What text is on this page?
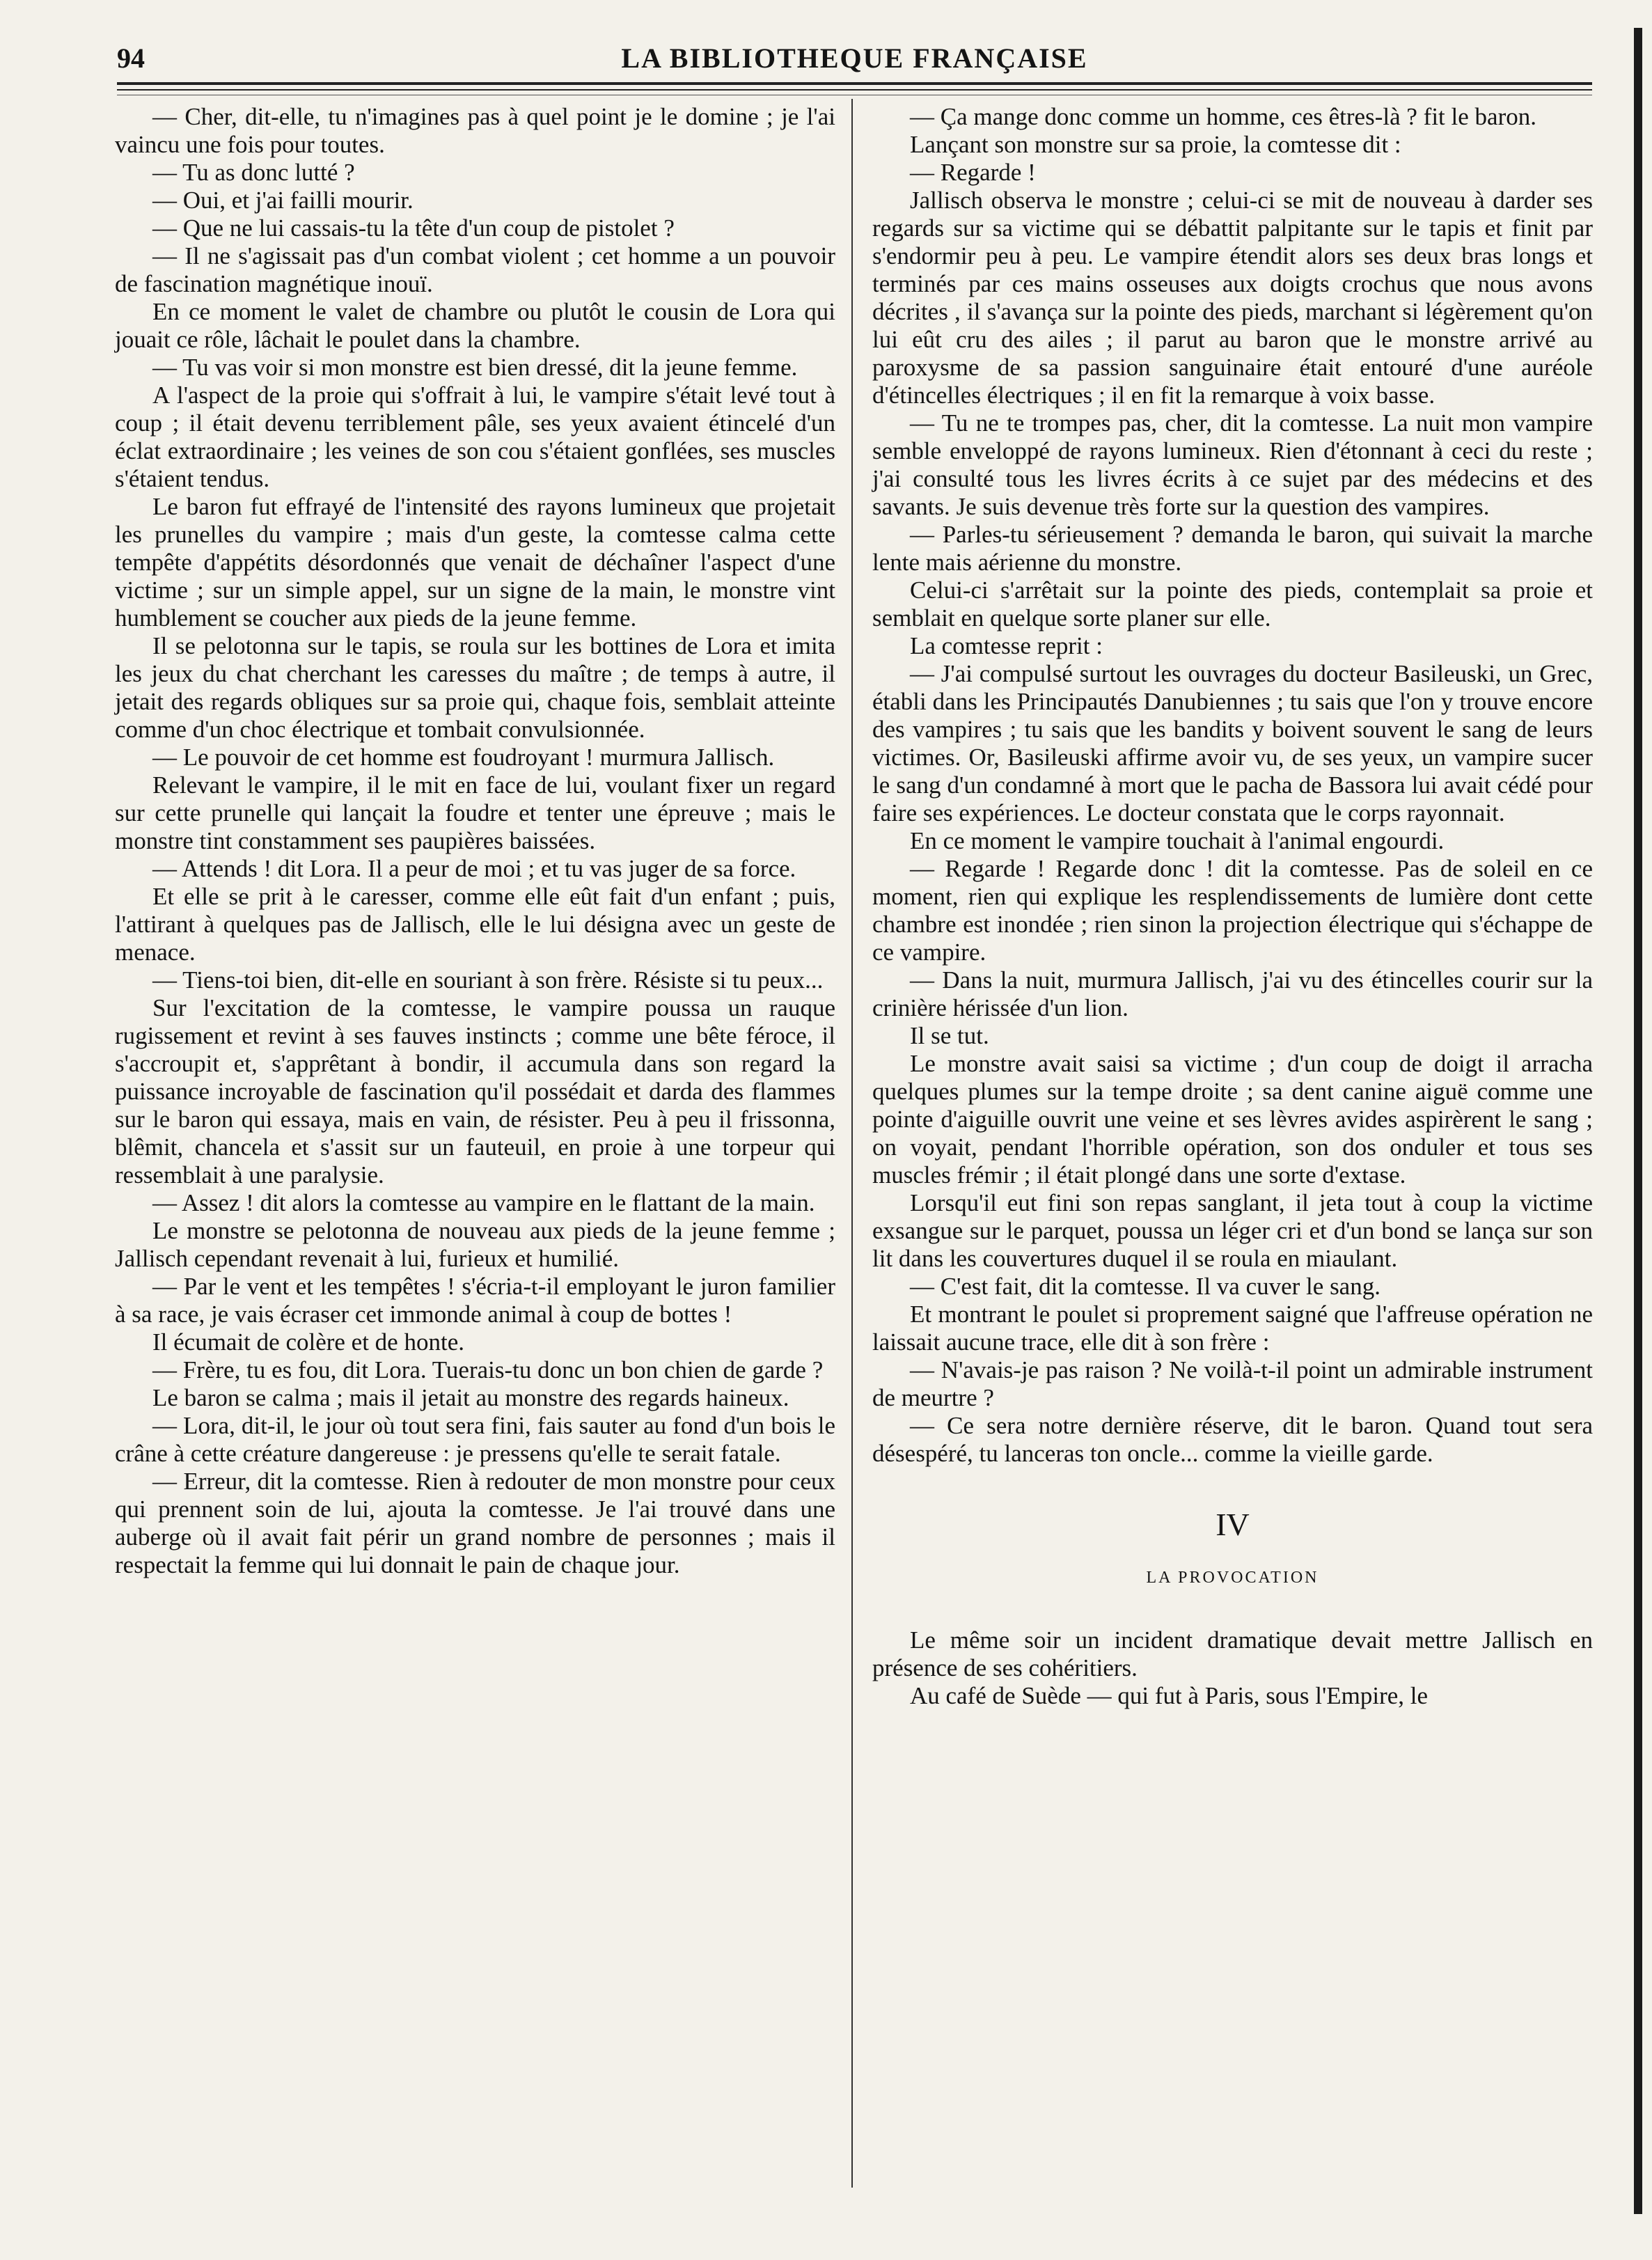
94	LA BIBLIOTHEQUE FRANÇAISE

— Cher, dit-elle, tu n'imagines pas à quel point je le domine ; je l'ai vaincu une fois pour toutes.

— Tu as donc lutté ?

— Oui, et j'ai failli mourir.

— Que ne lui cassais-tu la tête d'un coup de pistolet ?

— Il ne s'agissait pas d'un combat violent ; cet homme a un pouvoir de fascination magnétique inouï.

En ce moment le valet de chambre ou plutôt le cousin de Lora qui jouait ce rôle, lâchait le poulet dans la chambre.

— Tu vas voir si mon monstre est bien dressé, dit la jeune femme.

A l'aspect de la proie qui s'offrait à lui, le vampire s'était levé tout à coup ; il était devenu terriblement pâle, ses yeux avaient étincelé d'un éclat extraordinaire ; les veines de son cou s'étaient gonflées, ses muscles s'étaient tendus.

Le baron fut effrayé de l'intensité des rayons lumineux que projetait les prunelles du vampire ; mais d'un geste, la comtesse calma cette tempête d'appétits désordonnés que venait de déchaîner l'aspect d'une victime ; sur un simple appel, sur un signe de la main, le monstre vint humblement se coucher aux pieds de la jeune femme.

Il se pelotonna sur le tapis, se roula sur les bottines de Lora et imita les jeux du chat cherchant les caresses du maître ; de temps à autre, il jetait des regards obliques sur sa proie qui, chaque fois, semblait atteinte comme d'un choc électrique et tombait convulsionnée.

— Le pouvoir de cet homme est foudroyant ! murmura Jallisch.

Relevant le vampire, il le mit en face de lui, voulant fixer un regard sur cette prunelle qui lançait la foudre et tenter une épreuve ; mais le monstre tint constamment ses paupières baissées.

— Attends ! dit Lora. Il a peur de moi ; et tu vas juger de sa force.

Et elle se prit à le caresser, comme elle eût fait d'un enfant ; puis, l'attirant à quelques pas de Jallisch, elle le lui désigna avec un geste de menace.

— Tiens-toi bien, dit-elle en souriant à son frère. Résiste si tu peux...

Sur l'excitation de la comtesse, le vampire poussa un rauque rugissement et revint à ses fauves instincts ; comme une bête féroce, il s'accroupit et, s'apprêtant à bondir, il accumula dans son regard la puissance incroyable de fascination qu'il possédait et darda des flammes sur le baron qui essaya, mais en vain, de résister. Peu à peu il frissonna, blêmit, chancela et s'assit sur un fauteuil, en proie à une torpeur qui ressemblait à une paralysie.

— Assez ! dit alors la comtesse au vampire en le flattant de la main.

Le monstre se pelotonna de nouveau aux pieds de la jeune femme ; Jallisch cependant revenait à lui, furieux et humilié.

— Par le vent et les tempêtes ! s'écria-t-il employant le juron familier à sa race, je vais écraser cet immonde animal à coup de bottes !

Il écumait de colère et de honte.

— Frère, tu es fou, dit Lora. Tuerais-tu donc un bon chien de garde ?

Le baron se calma ; mais il jetait au monstre des regards haineux.

— Lora, dit-il, le jour où tout sera fini, fais sauter au fond d'un bois le crâne à cette créature dangereuse : je pressens qu'elle te serait fatale.

— Erreur, dit la comtesse. Rien à redouter de mon monstre pour ceux qui prennent soin de lui, ajouta la comtesse. Je l'ai trouvé dans une auberge où il avait fait périr un grand nombre de personnes ; mais il respectait la femme qui lui donnait le pain de chaque jour.

— Ça mange donc comme un homme, ces êtres-là ? fit le baron.

Lançant son monstre sur sa proie, la comtesse dit :

— Regarde !

Jallisch observa le monstre ; celui-ci se mit de nouveau à darder ses regards sur sa victime qui se débattit palpitante sur le tapis et finit par s'endormir peu à peu. Le vampire étendit alors ses deux bras longs et terminés par ces mains osseuses aux doigts crochus que nous avons décrites , il s'avança sur la pointe des pieds, marchant si légèrement qu'on lui eût cru des ailes ; il parut au baron que le monstre arrivé au paroxysme de sa passion sanguinaire était entouré d'une auréole d'étincelles électriques ; il en fit la remarque à voix basse.

— Tu ne te trompes pas, cher, dit la comtesse. La nuit mon vampire semble enveloppé de rayons lumineux. Rien d'étonnant à ceci du reste ; j'ai consulté tous les livres écrits à ce sujet par des médecins et des savants. Je suis devenue très forte sur la question des vampires.

— Parles-tu sérieusement ? demanda le baron, qui suivait la marche lente mais aérienne du monstre.

Celui-ci s'arrêtait sur la pointe des pieds, contemplait sa proie et semblait en quelque sorte planer sur elle.

La comtesse reprit :

— J'ai compulsé surtout les ouvrages du docteur Basileuski, un Grec, établi dans les Principautés Danubiennes ; tu sais que l'on y trouve encore des vampires ; tu sais que les bandits y boivent souvent le sang de leurs victimes. Or, Basileuski affirme avoir vu, de ses yeux, un vampire sucer le sang d'un condamné à mort que le pacha de Bassora lui avait cédé pour faire ses expériences. Le docteur constata que le corps rayonnait.

En ce moment le vampire touchait à l'animal engourdi.

— Regarde ! Regarde donc ! dit la comtesse. Pas de soleil en ce moment, rien qui explique les resplendissements de lumière dont cette chambre est inondée ; rien sinon la projection électrique qui s'échappe de ce vampire.

— Dans la nuit, murmura Jallisch, j'ai vu des étincelles courir sur la crinière hérissée d'un lion.

Il se tut.

Le monstre avait saisi sa victime ; d'un coup de doigt il arracha quelques plumes sur la tempe droite ; sa dent canine aiguë comme une pointe d'aiguille ouvrit une veine et ses lèvres avides aspirèrent le sang ; on voyait, pendant l'horrible opération, son dos onduler et tous ses muscles frémir ; il était plongé dans une sorte d'extase.

Lorsqu'il eut fini son repas sanglant, il jeta tout à coup la victime exsangue sur le parquet, poussa un léger cri et d'un bond se lança sur son lit dans les couvertures duquel il se roula en miaulant.

— C'est fait, dit la comtesse. Il va cuver le sang.

Et montrant le poulet si proprement saigné que l'affreuse opération ne laissait aucune trace, elle dit à son frère :

— N'avais-je pas raison ? Ne voilà-t-il point un admirable instrument de meurtre ?

— Ce sera notre dernière réserve, dit le baron. Quand tout sera désespéré, tu lanceras ton oncle... comme la vieille garde.

IV

LA PROVOCATION

Le même soir un incident dramatique devait mettre Jallisch en présence de ses cohéritiers.

Au café de Suède — qui fut à Paris, sous l'Empire, le
